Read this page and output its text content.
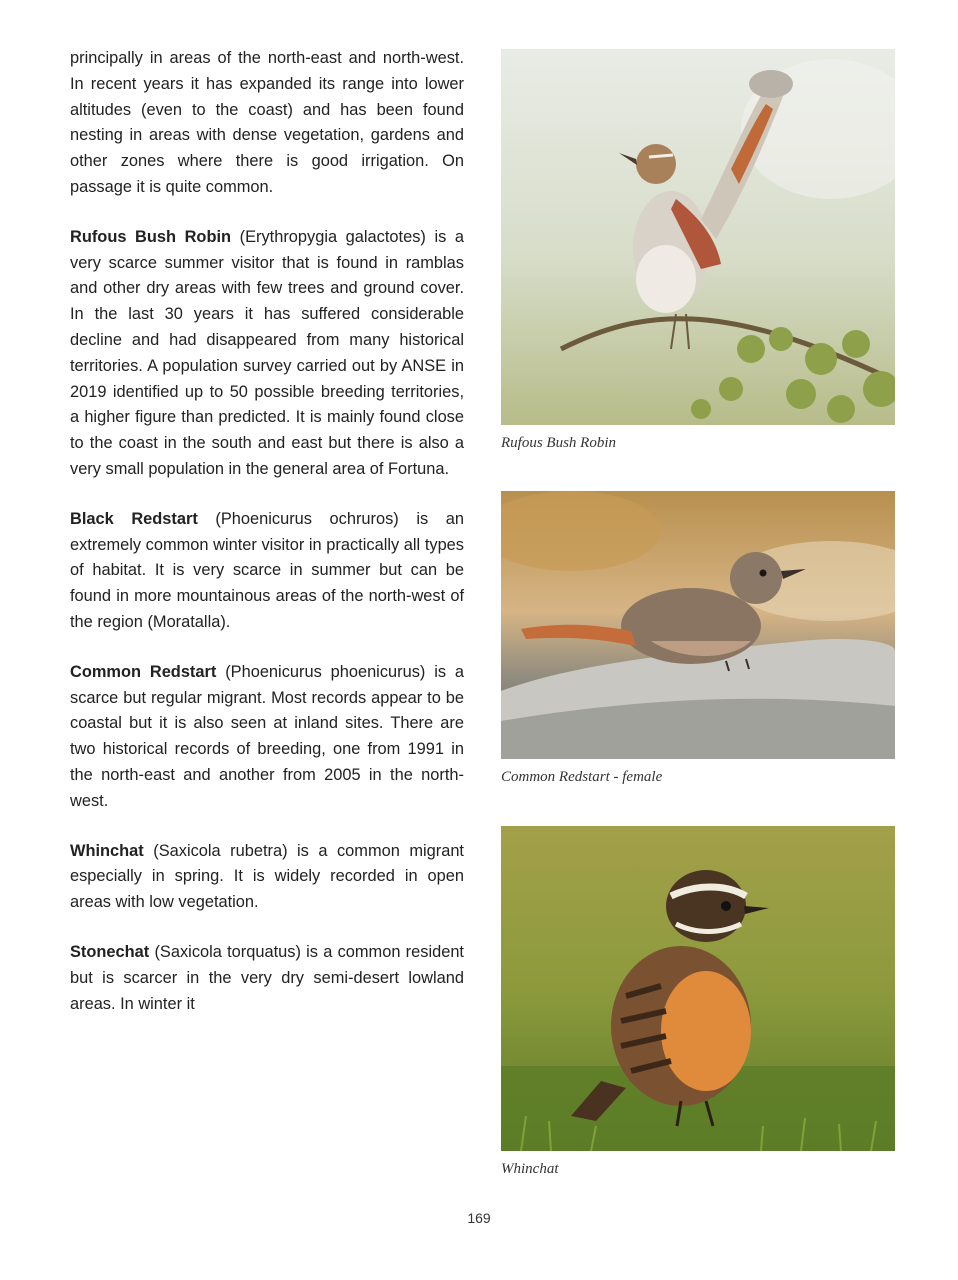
principally in areas of the north-east and north-west. In recent years it has expanded its range into lower altitudes (even to the coast) and has been found nesting in areas with dense vegetation, gardens and other zones where there is good irrigation. On passage it is quite common.

Rufous Bush Robin (Erythropygia galactotes) is a very scarce summer visitor that is found in ramblas and other dry areas with few trees and ground cover. In the last 30 years it has suffered considerable decline and had disappeared from many historical territories. A population survey carried out by ANSE in 2019 identified up to 50 possible breeding territories, a higher figure than predicted. It is mainly found close to the coast in the south and east but there is also a very small population in the general area of Fortuna.

Black Redstart (Phoenicurus ochruros) is an extremely common winter visitor in practically all types of habitat. It is very scarce in summer but can be found in more mountainous areas of the north-west of the region (Moratalla).

Common Redstart (Phoenicurus phoenicurus) is a scarce but regular migrant. Most records appear to be coastal but it is also seen at inland sites. There are two historical records of breeding, one from 1991 in the north-east and another from 2005 in the north-west.

Whinchat (Saxicola rubetra) is a common migrant especially in spring. It is widely recorded in open areas with low vegetation.

Stonechat (Saxicola torquatus) is a common resident but is scarcer in the very dry semi-desert lowland areas. In winter it

Rufous Bush Robin
Common Redstart - female
Whinchat
169
